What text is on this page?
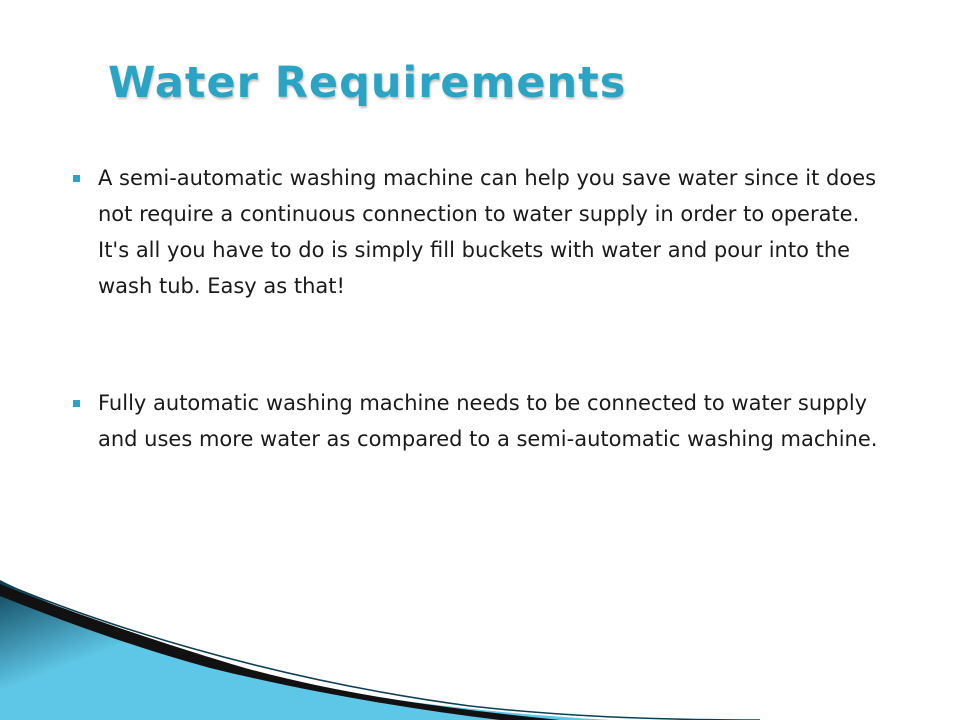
Water Requirements
A semi-automatic washing machine can help you save water since it does not require a continuous connection to water supply in order to operate. It's all you have to do is simply fill buckets with water and pour into the wash tub. Easy as that!
Fully automatic washing machine needs to be connected to water supply and uses more water as compared to a semi-automatic washing machine.
